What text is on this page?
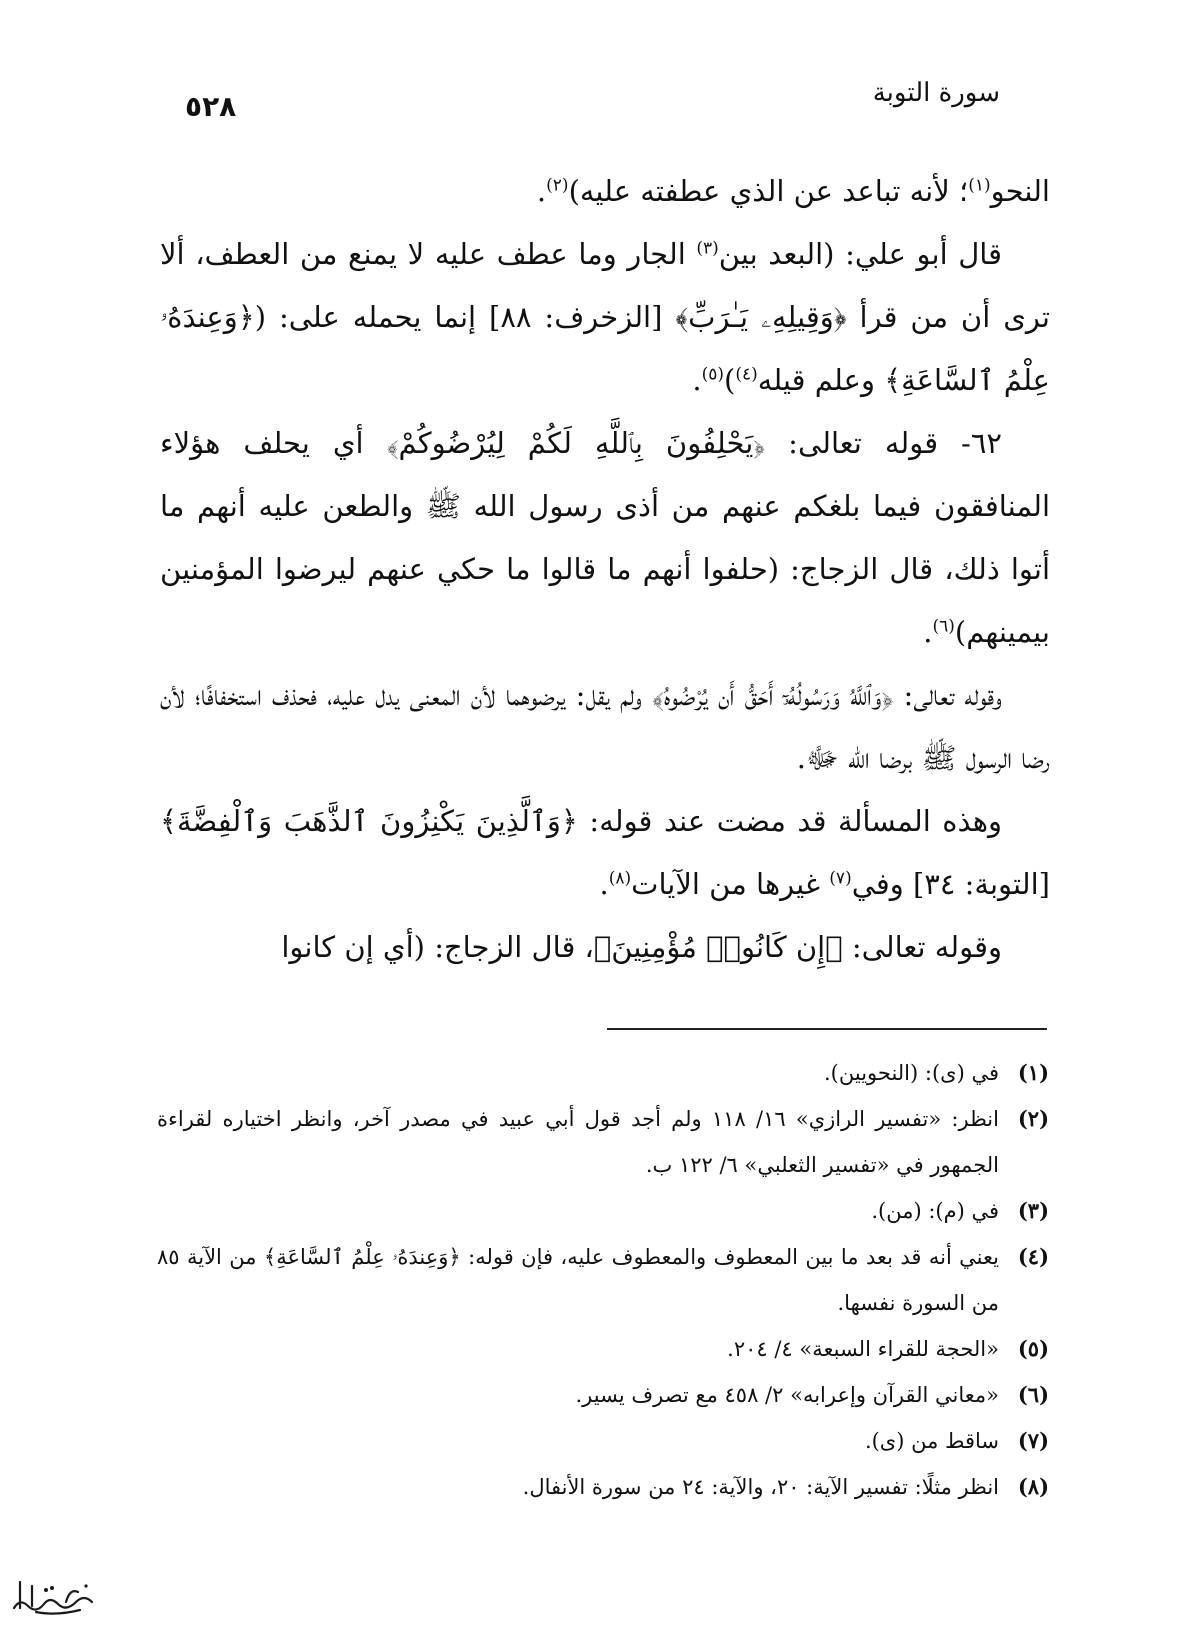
٥٢٨	سورة التوبة

النحو$^{(١)}$؛ لأنه تباعد عن الذي عطفته عليه)$^{(٢)}$.

قال أبو علي: (البعد بين$^{(٣)}$ الجار وما عطف عليه لا يمنع من العطف، ألا ترى أن من قرأ ﴿وَقِيلِهِۦ يَـٰرَبِّ﴾ [الزخرف: ٨٨] إنما يحمله على: (﴿وَعِندَهُۥ عِلْمُ ٱلسَّاعَةِ﴾ وعلم قيله$^{(٤)}$)$^{(٥)}$.

٦٢- قوله تعالى: ﴿يَحْلِفُونَ بِٱللَّهِ لَكُمْ لِيُرْضُوكُمْ﴾ أي يحلف هؤلاء المنافقون فيما بلغكم عنهم من أذى رسول الله ﷺ والطعن عليه أنهم ما أتوا ذلك، قال الزجاج: (حلفوا أنهم ما قالوا ما حكي عنهم ليرضوا المؤمنين بيمينهم)$^{(٦)}$.

وقوله تعالى: ﴿وَٱللَّهُ وَرَسُولُهُۥٓ أَحَقُّ أَن يُرْضُوهُ﴾ ولم يقل: يرضوهما لأن المعنى يدل عليه، فحذف استخفافًا؛ لأن رضا الرسول ﷺ برضا الله ﷻ.

وهذه المسألة قد مضت عند قوله: ﴿وَٱلَّذِينَ يَكْنِزُونَ ٱلذَّهَبَ وَٱلْفِضَّةَ﴾ [التوبة: ٣٤] وفي$^{(٧)}$ غيرها من الآيات$^{(٨)}$.

وقوله تعالى: ﴿إِن كَانُوا۟ مُؤْمِنِينَ﴾، قال الزجاج: (أي إن كانوا

(١)
في (ى): (النحويين).
(٢)
انظر: «تفسير الرازي» ١٦/ ١١٨ ولم أجد قول أبي عبيد في مصدر آخر، وانظر اختياره لقراءة الجمهور في «تفسير الثعلبي» ٦/ ١٢٢ ب.
(٣)
في (م): (من).
(٤)
يعني أنه قد بعد ما بين المعطوف والمعطوف عليه، فإن قوله: ﴿وَعِندَهُۥ عِلْمُ ٱلسَّاعَةِ﴾ من الآية ٨٥ من السورة نفسها.
(٥)
«الحجة للقراء السبعة» ٤/ ٢٠٤.
(٦)
«معاني القرآن وإعرابه» ٢/ ٤٥٨ مع تصرف يسير.
(٧)
ساقط من (ى).
(٨)
انظر مثلًا: تفسير الآية: ٢٠، والآية: ٢٤ من سورة الأنفال.
